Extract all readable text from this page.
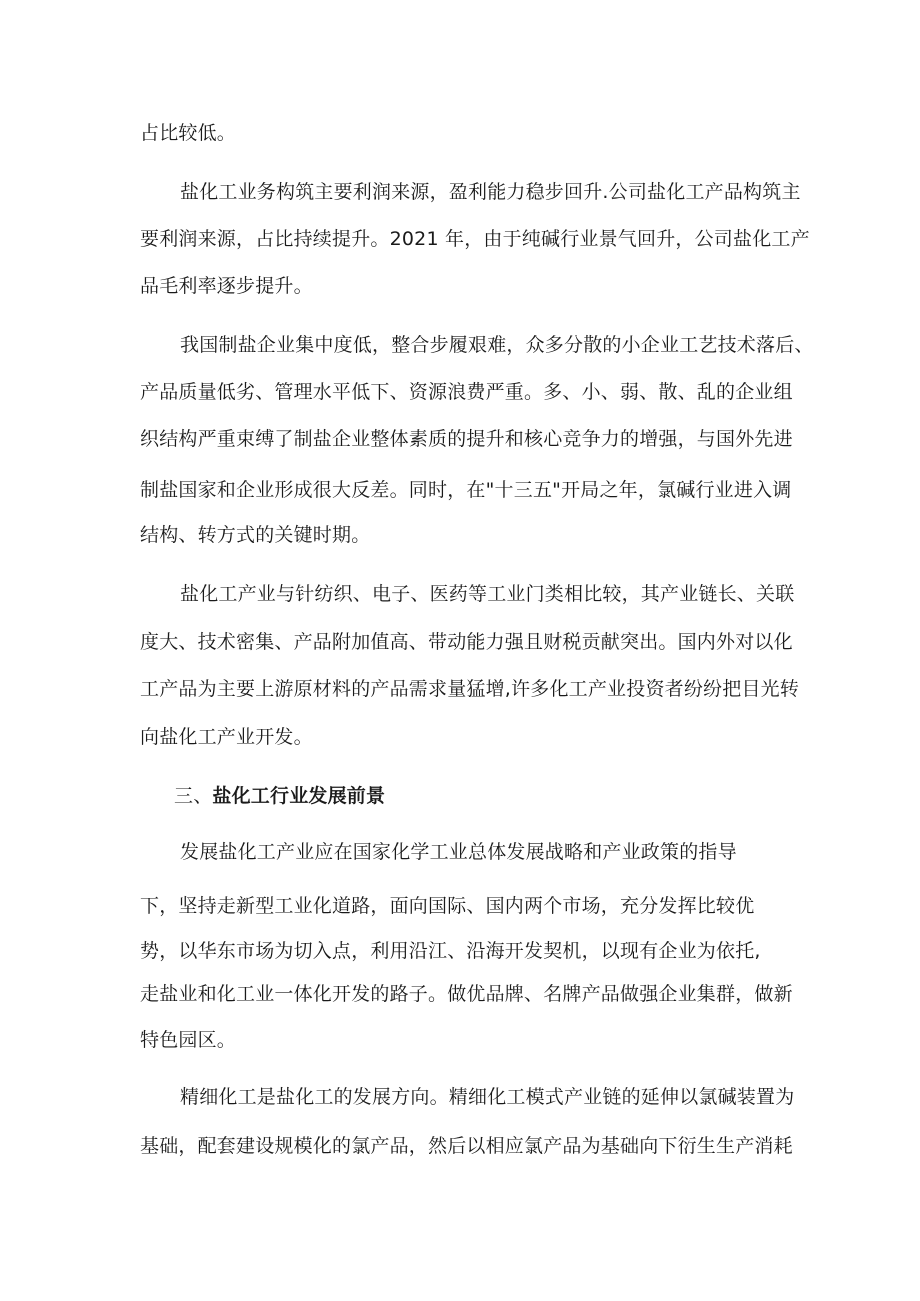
占比较低。
盐化工业务构筑主要利润来源，盈利能力稳步回升.公司盐化工产品构筑主
要利润来源，占比持续提升。2021 年，由于纯碱行业景气回升，公司盐化工产
品毛利率逐步提升。
我国制盐企业集中度低，整合步履艰难，众多分散的小企业工艺技术落后、
产品质量低劣、管理水平低下、资源浪费严重。多、小、弱、散、乱的企业组
织结构严重束缚了制盐企业整体素质的提升和核心竞争力的增强，与国外先进
制盐国家和企业形成很大反差。同时，在"十三五"开局之年，氯碱行业进入调
结构、转方式的关键时期。
盐化工产业与针纺织、电子、医药等工业门类相比较，其产业链长、关联
度大、技术密集、产品附加值高、带动能力强且财税贡献突出。国内外对以化
工产品为主要上游原材料的产品需求量猛增,许多化工产业投资者纷纷把目光转
向盐化工产业开发。
三、盐化工行业发展前景
发展盐化工产业应在国家化学工业总体发展战略和产业政策的指导
下，坚持走新型工业化道路，面向国际、国内两个市场，充分发挥比较优
势，以华东市场为切入点，利用沿江、沿海开发契机，以现有企业为依托,
走盐业和化工业一体化开发的路子。做优品牌、名牌产品做强企业集群，做新
特色园区。
精细化工是盐化工的发展方向。精细化工模式产业链的延伸以氯碱装置为
基础，配套建设规模化的氯产品，然后以相应氯产品为基础向下衍生生产消耗
